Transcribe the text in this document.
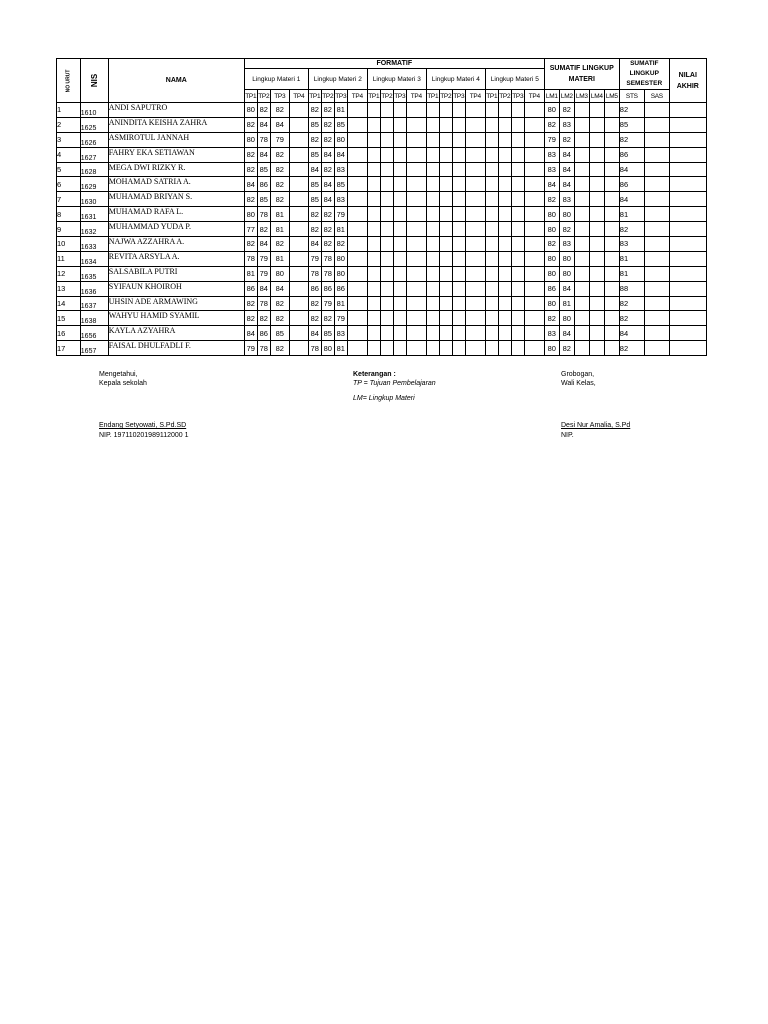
NO URUT	NIS	NAMA	FORMATIF																				SUMATIF LINGKUP MATERI					SUMATIF LINGKUP SEMESTER		NILAI AKHIR
			Lingkup Materi 1				Lingkup Materi 2				Lingkup Materi 3				Lingkup Materi 4				Lingkup Materi 5											
			TP1	TP2	TP3	TP4	TP1	TP2	TP3	TP4	TP1	TP2	TP3	TP4	TP1	TP2	TP3	TP4	TP1	TP2	TP3	TP4	LM1	LM2	LM3	LM4	LM5	STS	SAS	
1	1610	ANDI SAPUTRO	80	82	82		82	82	81														80	82				82		
2	1625	ANINDITA KEISHA ZAHRA	82	84	84		85	82	85														82	83				85		
3	1626	ASMIROTUL JANNAH	80	78	79		82	82	80														79	82				82		
4	1627	FAHRY EKA SETIAWAN	82	84	82		85	84	84														83	84				86		
5	1628	MEGA DWI RIZKY R.	82	85	82		84	82	83														83	84				84		
6	1629	MOHAMAD SATRIA A.	84	86	82		85	84	85														84	84				86		
7	1630	MUHAMAD BRIYAN S.	82	85	82		85	84	83														82	83				84		
8	1631	MUHAMAD RAFA L.	80	78	81		82	82	79														80	80				81		
9	1632	MUHAMMAD YUDA P.	77	82	81		82	82	81														80	82				82		
10	1633	NAJWA AZZAHRA A.	82	84	82		84	82	82														82	83				83		
11	1634	REVITA ARSYLA A.	78	79	81		79	78	80														80	80				81		
12	1635	SALSABILA PUTRI	81	79	80		78	78	80														80	80				81		
13	1636	SYIFAUN KHOIROH	86	84	84		86	86	86														86	84				88		
14	1637	UHSIN ADE ARMAWING	82	78	82		82	79	81														80	81				82		
15	1638	WAHYU HAMID SYAMIL	82	82	82		82	82	79														82	80				82		
16	1656	KAYLA AZYAHRA	84	86	85		84	85	83														83	84				84		
17	1657	FAISAL DHULFADLI F.	79	78	82		78	80	81														80	82				82		
Mengetahui,
Kepala sekolah
Keterangan :
TP = Tujuan Pembelajaran
LM= Lingkup Materi
Grobogan,
Wali Kelas,
Endang Setyowati, S.Pd.SD
NIP. 197110201989112000 1
Desi Nur Amalia, S.Pd
NIP.
